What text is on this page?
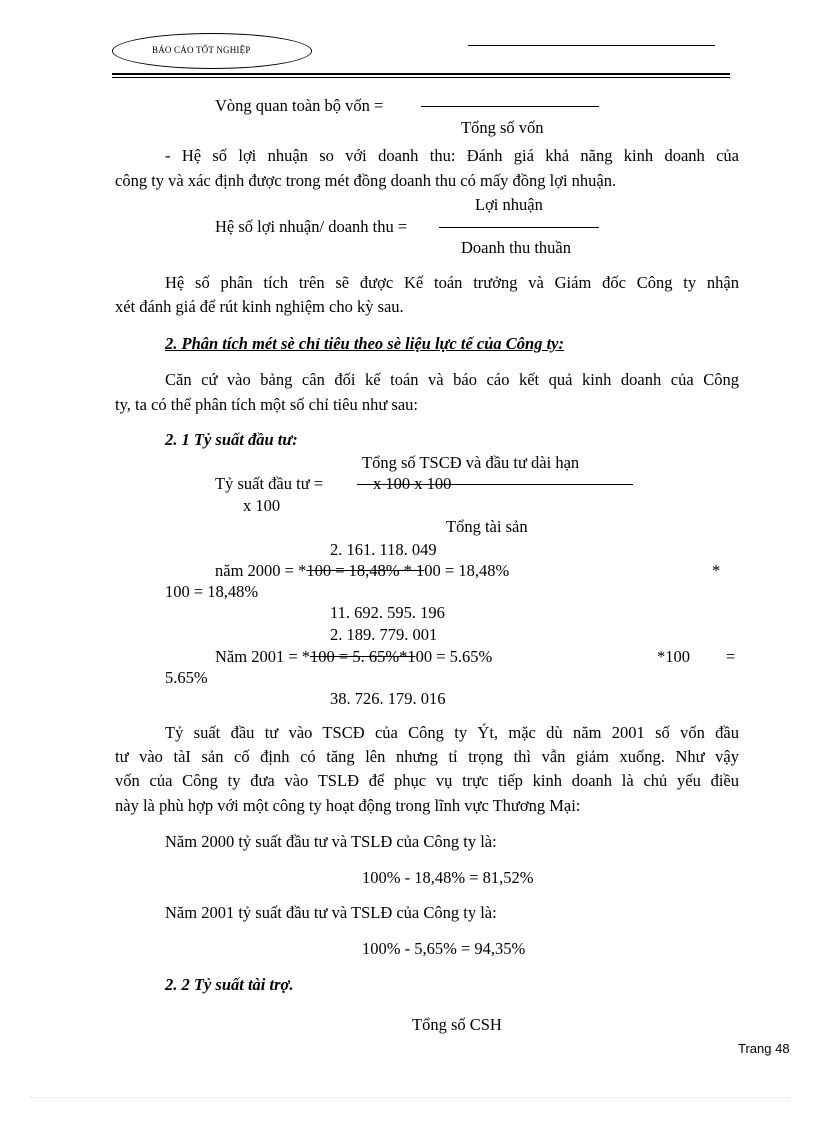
BÁO CÁO TỐT NGHIỆP
Vòng quan toàn bộ vốn =
Tổng số vốn
- Hệ số lợi nhuận so với doanh thu: Đánh giá khả năng kinh doanh của
công ty và xác định được trong mét đồng doanh thu có mấy đồng lợi nhuận.
Lợi nhuận
Hệ số lợi nhuận/ doanh thu =
Doanh thu thuần
Hệ số phân tích trên sẽ được Kế toán trưởng và Giám đốc Công ty nhận
xét đánh giá để rút kinh nghiệm cho kỳ sau.
2. Phân tích mét sè chỉ tiêu theo sè liệu lực tế của Công ty:
Căn cứ vào bảng cân đối kế toán và báo cáo kết quả kinh doanh của Công
ty, ta có thể phân tích một số chỉ tiêu như sau:
2. 1 Tỷ suất đầu tư:
Tổng số TSCĐ và đầu tư dài hạn
Tỷ suất đầu tư =	x 100 x 100
x 100
Tổng tài sản
2. 161. 118. 049
năm 2000 = *100 = 18,48% * 100 = 18,48%	*
100 = 18,48%
11. 692. 595. 196
2. 189. 779. 001
Năm 2001 = *100 = 5. 65%*100 = 5.65%	*100 =
5.65%
38. 726. 179. 016
Tỷ suất đầu tư vào TSCĐ của Công ty Ýt, mặc dù năm 2001 số vốn đầu
tư vào tàI sản cố định có tăng lên nhưng tỉ trọng thì vẫn giảm xuống. Như vậy
vốn của Công ty đưa vào TSLĐ để phục vụ trực tiếp kinh doanh là chủ yếu điều
này là phù hợp với một công ty hoạt động trong lĩnh vực Thương Mại:
Năm 2000 tỷ suất đầu tư và TSLĐ của Công ty là:
100% - 18,48% = 81,52%
Năm 2001 tỷ suất đầu tư và TSLĐ của Công ty là:
100% - 5,65% = 94,35%
2. 2 Tỷ suất tài trợ.
Tổng số CSH
Trang 48
